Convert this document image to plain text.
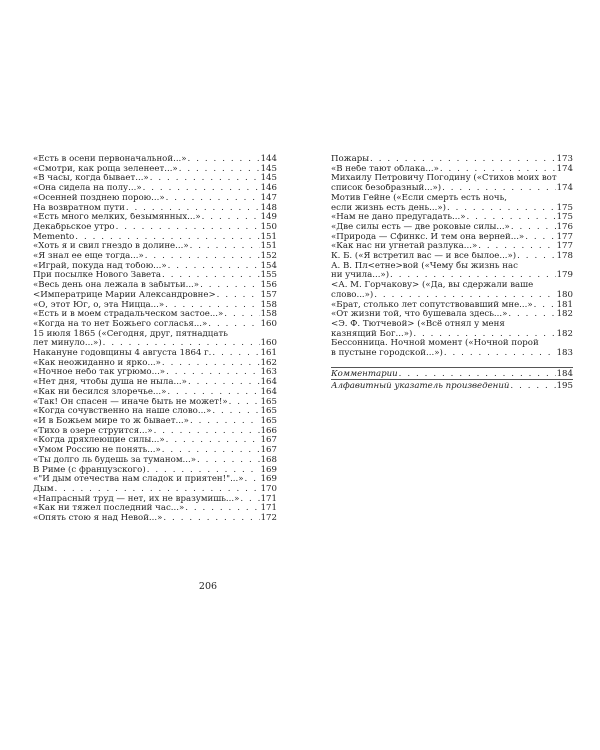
«Есть в осени первоначальной...» . . .	144
«Смотри, как роща зеленеет...» . . .	145
«В часы, когда бывает...» . . .	145
«Она сидела на полу...» . . .	146
«Осенней позднею порою...» . . .	147
На возвратном пути . . .	148
«Есть много мелких, безымянных...» . . .	149
Декабрьское утро . . .	150
Memento . . .	151
«Хоть я и свил гнездо в долине...» . . .	151
«Я знал ее еще тогда...» . . .	152
«Играй, покуда над тобою...» . . .	154
При посылке Нового Завета . . .	155
«Весь день она лежала в забытьи...» . . .	156
<Императрице Марии Александровне> . . .	157
«О, этот Юг, о, эта Ницца...» . . .	158
«Есть и в моем страдальческом застое...» . . .	158
«Когда на то нет Божьего согласья...» . . .	160
15 июля 1865 («Сегодня, друг, пятнадцать
лет минуло...») . . .	160
Накануне годовщины 4 августа 1864 г. . . .	161
«Как неожиданно и ярко...» . . .	162
«Ночное небо так угрюмо...» . . .	163
«Нет дня, чтобы душа не ныла...» . . .	164
«Как ни бесился злоречье...» . . .	164
«Так! Он спасен — иначе быть не может!» . . .	165
«Когда сочувственно на наше слово...» . . .	165
«И в Божьем мире то ж бывает...» . . .	165
«Тихо в озере струится...» . . .	166
«Когда дряхлеющие силы...» . . .	167
«Умом Россию не понять...» . . .	167
«Ты долго ль будешь за туманом...» . . .	168
В Риме (с французского) . . .	169
«"И дым отечества нам сладок и приятен!"...» . . . 169
Дым . . .	170
«Напрасный труд — нет, их не вразумишь...» . . . 171
«Как ни тяжел последний час...» . . .	171
«Опять стою я над Невой...» . . .	172
Пожары . . .	173
«В небе тают облака...» . . .	174
Михаилу Петровичу Погодину («Стихов моих вот
список безобразный...») . . .	174
Мотив Гейне («Если смерть есть ночь,
если жизнь есть день...») . . .	175
«Нам не дано предугадать...» . . .	175
«Две силы есть — две роковые силы...» . . .	176
«Природа — Сфинкс. И тем она верней...» . . .	177
«Как нас ни угнетай разлука...» . . .	177
К. Б. («Я встретил вас — и все былое...») . . .	178
А. В. Пл<етне>вой («Чему бы жизнь нас
ни учила...») . . .	179
<А. М. Горчакову> («Да, вы сдержали ваше
слово...») . . .	180
«Брат, столько лет сопутствовавший мне...» . . .	181
«От жизни той, что бушевала здесь...» . . .	182
<Э. Ф. Тютчевой> («Всё отнял у меня
казнящий Бог...») . . .	182
Бессонница. Ночной момент («Ночной порой
в пустыне городской...») . . .	183
Комментарии . . .	184
Алфавитный указатель произведений . . .	195
206
